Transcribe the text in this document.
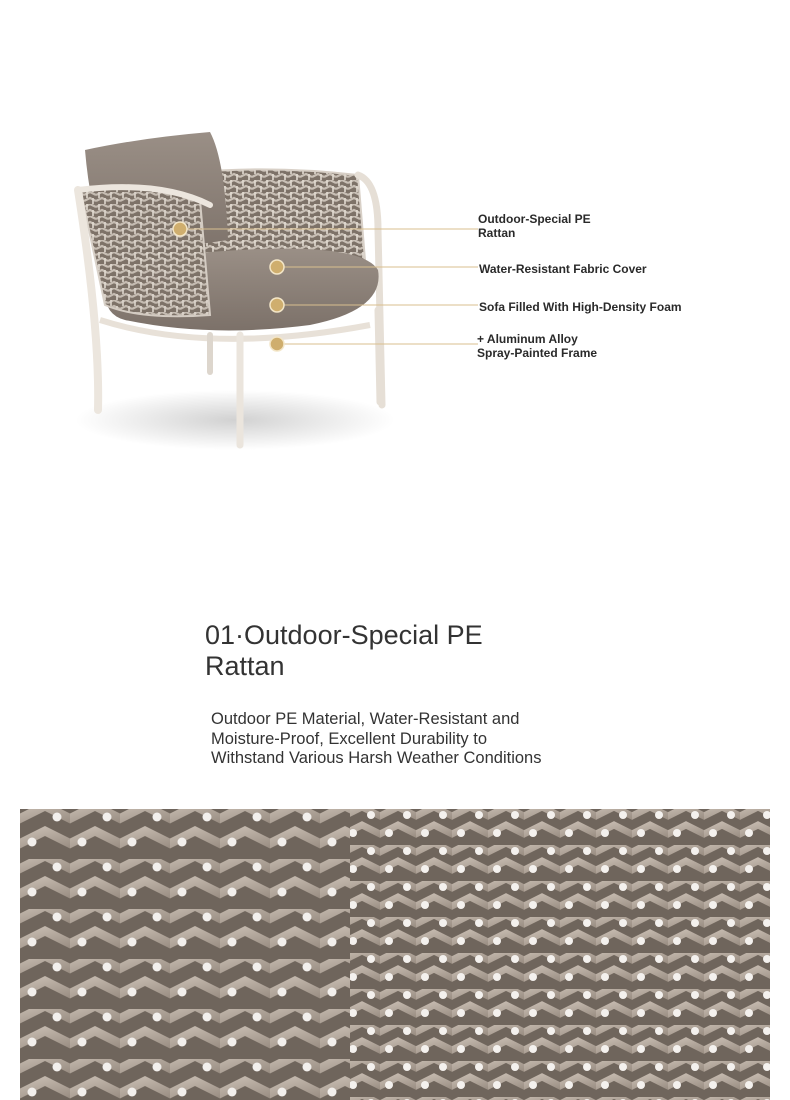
Outdoor-Special PE
Rattan
Water-Resistant Fabric Cover
Sofa Filled With High-Density Foam
+ Aluminum Alloy
Spray-Painted Frame
01·Outdoor-Special PE
Rattan
Outdoor PE Material, Water-Resistant and
Moisture-Proof, Excellent Durability to
Withstand Various Harsh Weather Conditions
